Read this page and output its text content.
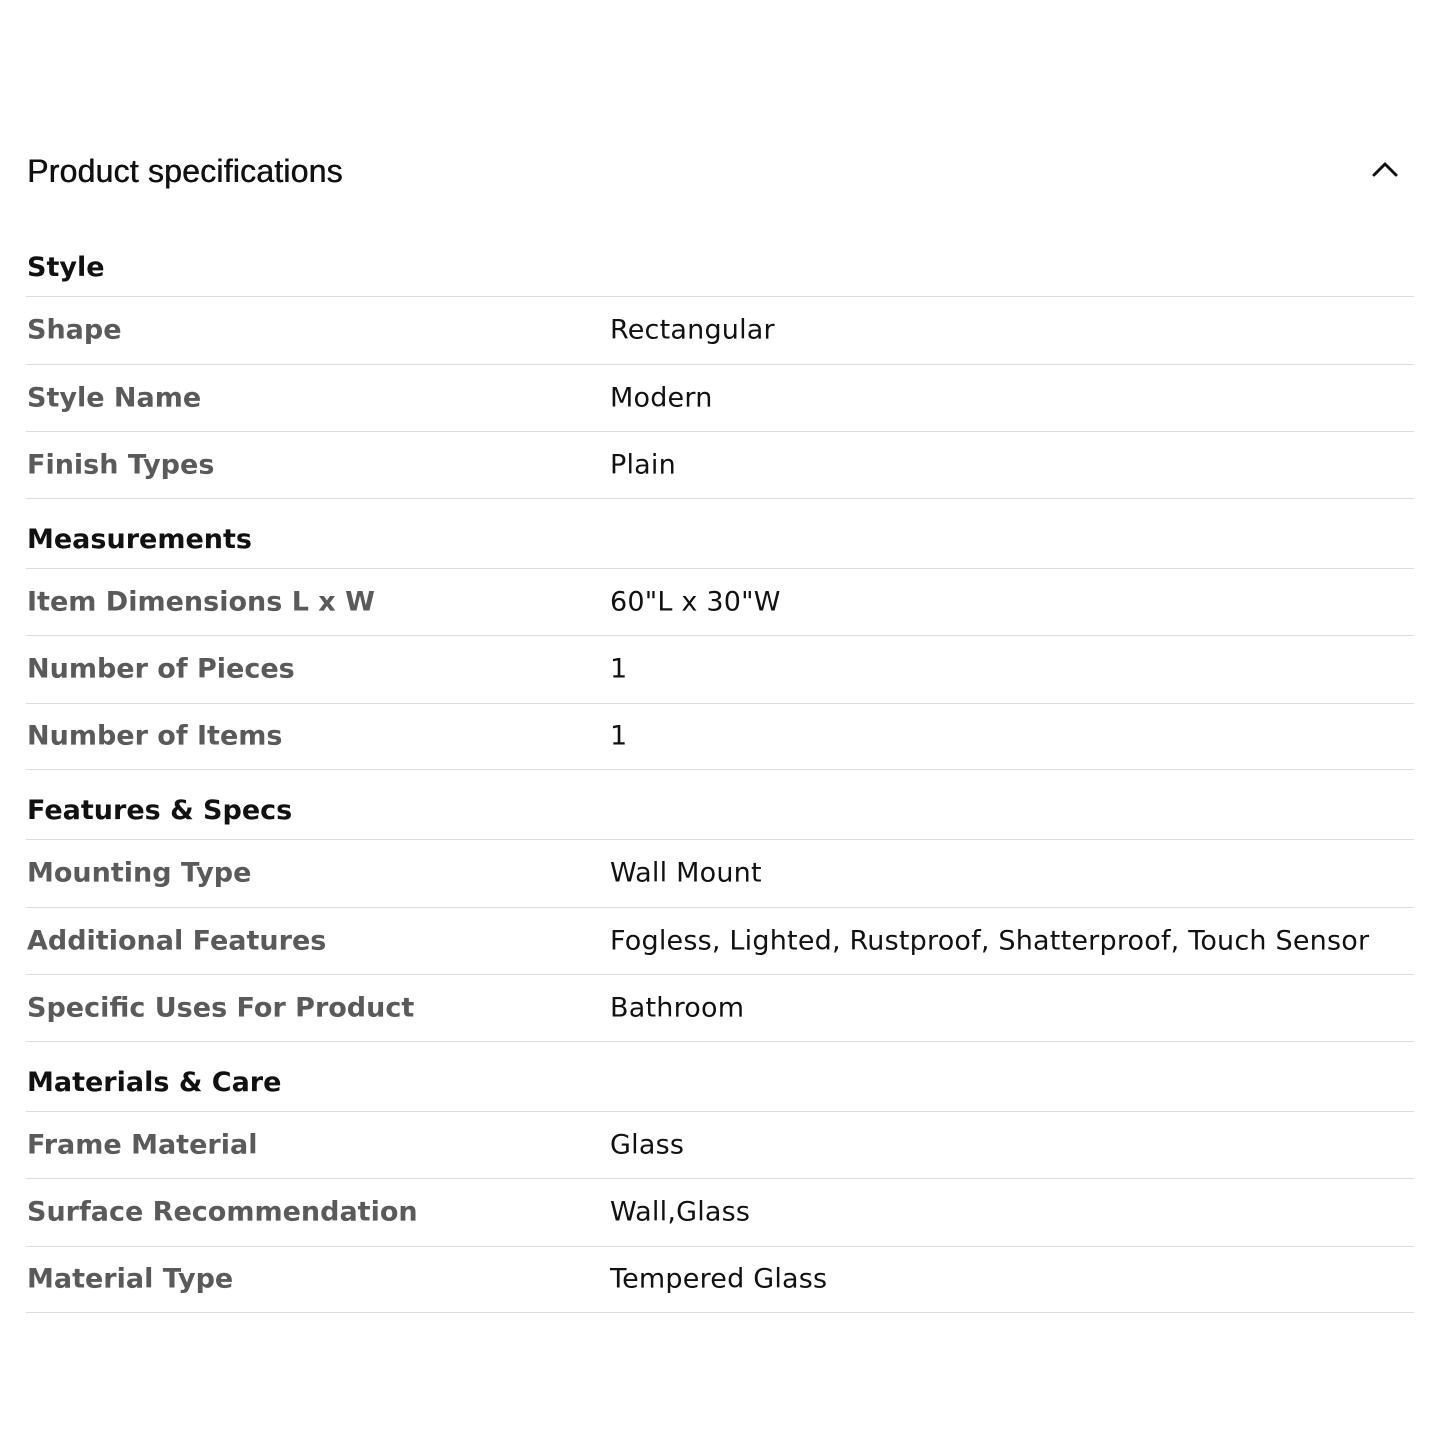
Product specifications
Style
Shape	Rectangular
Style Name	Modern
Finish Types	Plain
Measurements
Item Dimensions L x W	60"L x 30"W
Number of Pieces	1
Number of Items	1
Features & Specs
Mounting Type	Wall Mount
Additional Features	Fogless, Lighted, Rustproof, Shatterproof, Touch Sensor
Specific Uses For Product	Bathroom
Materials & Care
Frame Material	Glass
Surface Recommendation	Wall,Glass
Material Type	Tempered Glass
